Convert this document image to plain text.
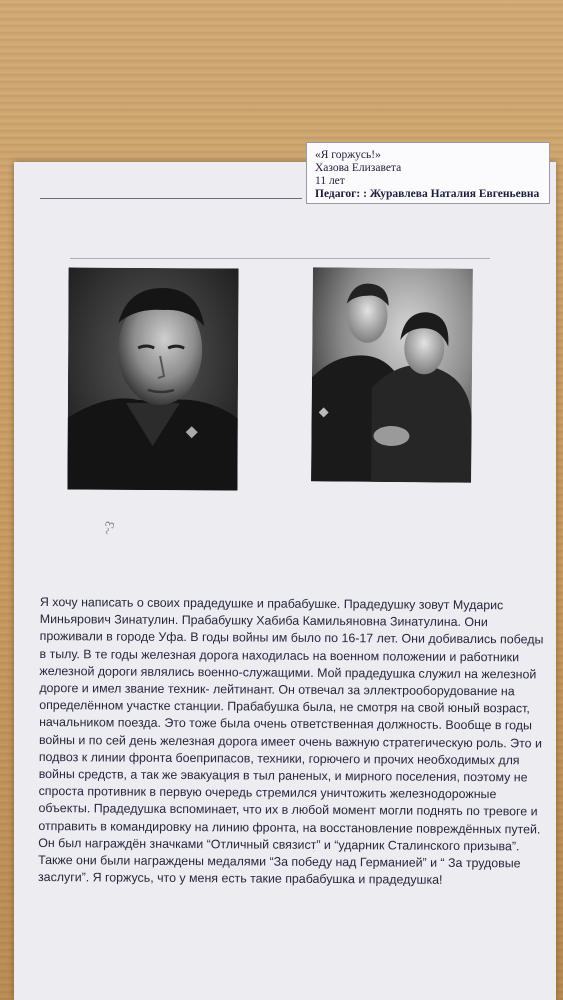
«Я горжусь!»
Хазова Елизавета
11 лет
Педагог: : Журавлева Наталия Евгеньевна
~3
Я хочу написать о своих прадедушке и прабабушке. Прадедушку зовут Мударис
Миньярович Зинатулин. Прабабушку Хабиба Камильяновна Зинатулина. Они
проживали в городе Уфа. В годы войны им было по 16-17 лет. Они добивались победы
в тылу. В те годы железная дорога находилась на военном положении и работники
железной дороги являлись военно-служащими. Мой прадедушка служил на железной
дороге и имел звание техник- лейтинант. Он отвечал за эллектрооборудование на
определённом участке станции. Прабабушка была, не смотря на свой юный возраст,
начальником поезда. Это тоже была очень ответственная должность. Вообще в годы
войны и по сей день железная дорога имеет очень важную стратегическую роль. Это и
подвоз к линии фронта боеприпасов, техники, горючего и прочих необходимых для
войны средств, а так же эвакуация в тыл раненых, и мирного поселения, поэтому не
спроста противник в первую очередь стремился уничтожить железнодорожные
объекты. Прадедушка вспоминает, что их в любой момент могли поднять по тревоге и
отправить в командировку на линию фронта, на восстановление повреждённых путей.
Он был награждён значками “Отличный связист” и “ударник Сталинского призыва”.
Также они были награждены медалями “За победу над Германией” и “ За трудовые
заслуги”. Я горжусь, что у меня есть такие прабабушка и прадедушка!
